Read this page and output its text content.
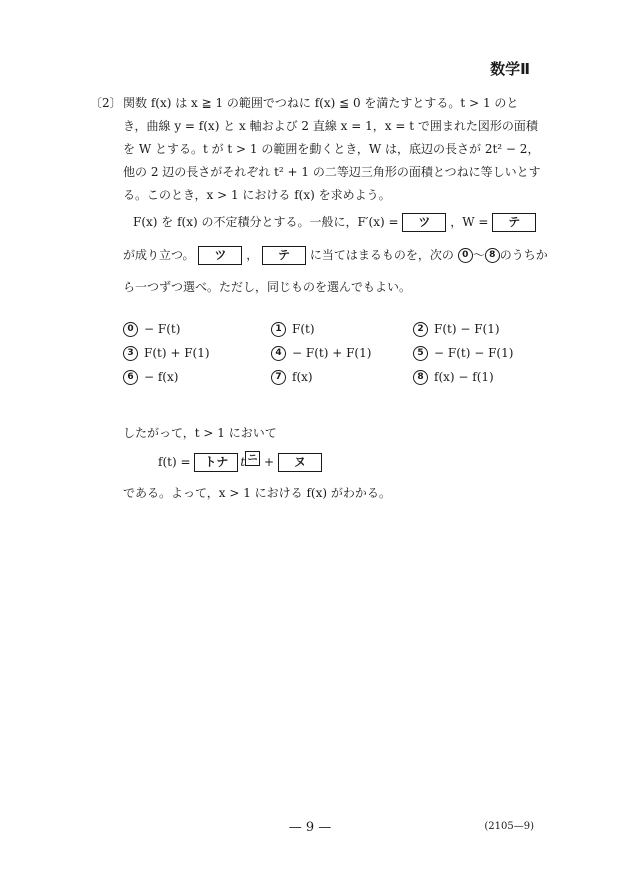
数学Ⅱ
〔2〕 関数 f(x) は x ≧ 1 の範囲でつねに f(x) ≦ 0 を満たすとする。t > 1 のと
き，曲線 y = f(x) と x 軸および 2 直線 x = 1，x = t で囲まれた図形の面積
を W とする。t が t > 1 の範囲を動くとき，W は，底辺の長さが 2t² − 2，
他の 2 辺の長さがそれぞれ t² + 1 の二等辺三角形の面積とつねに等しいとす
る。このとき，x > 1 における f(x) を求めよう。
F(x) を f(x) の不定積分とする。一般に，F′(x) = ツ ，W = テ
が成り立つ。 ツ ， テ に当てはまるものを，次の 0 〜 8 のうちか
ら一つずつ選べ。ただし，同じものを選んでもよい。
0 − F(t)	1 F(t)	2 F(t) − F(1)
3 F(t) + F(1)	4 − F(t) + F(1)	5 − F(t) − F(1)
6 − f(x)	7 f(x)	8 f(x) − f(1)
したがって，t > 1 において
f(t) = トナ t ニ + ヌ
である。よって，x > 1 における f(x) がわかる。
— 9 —	(2105—9)
